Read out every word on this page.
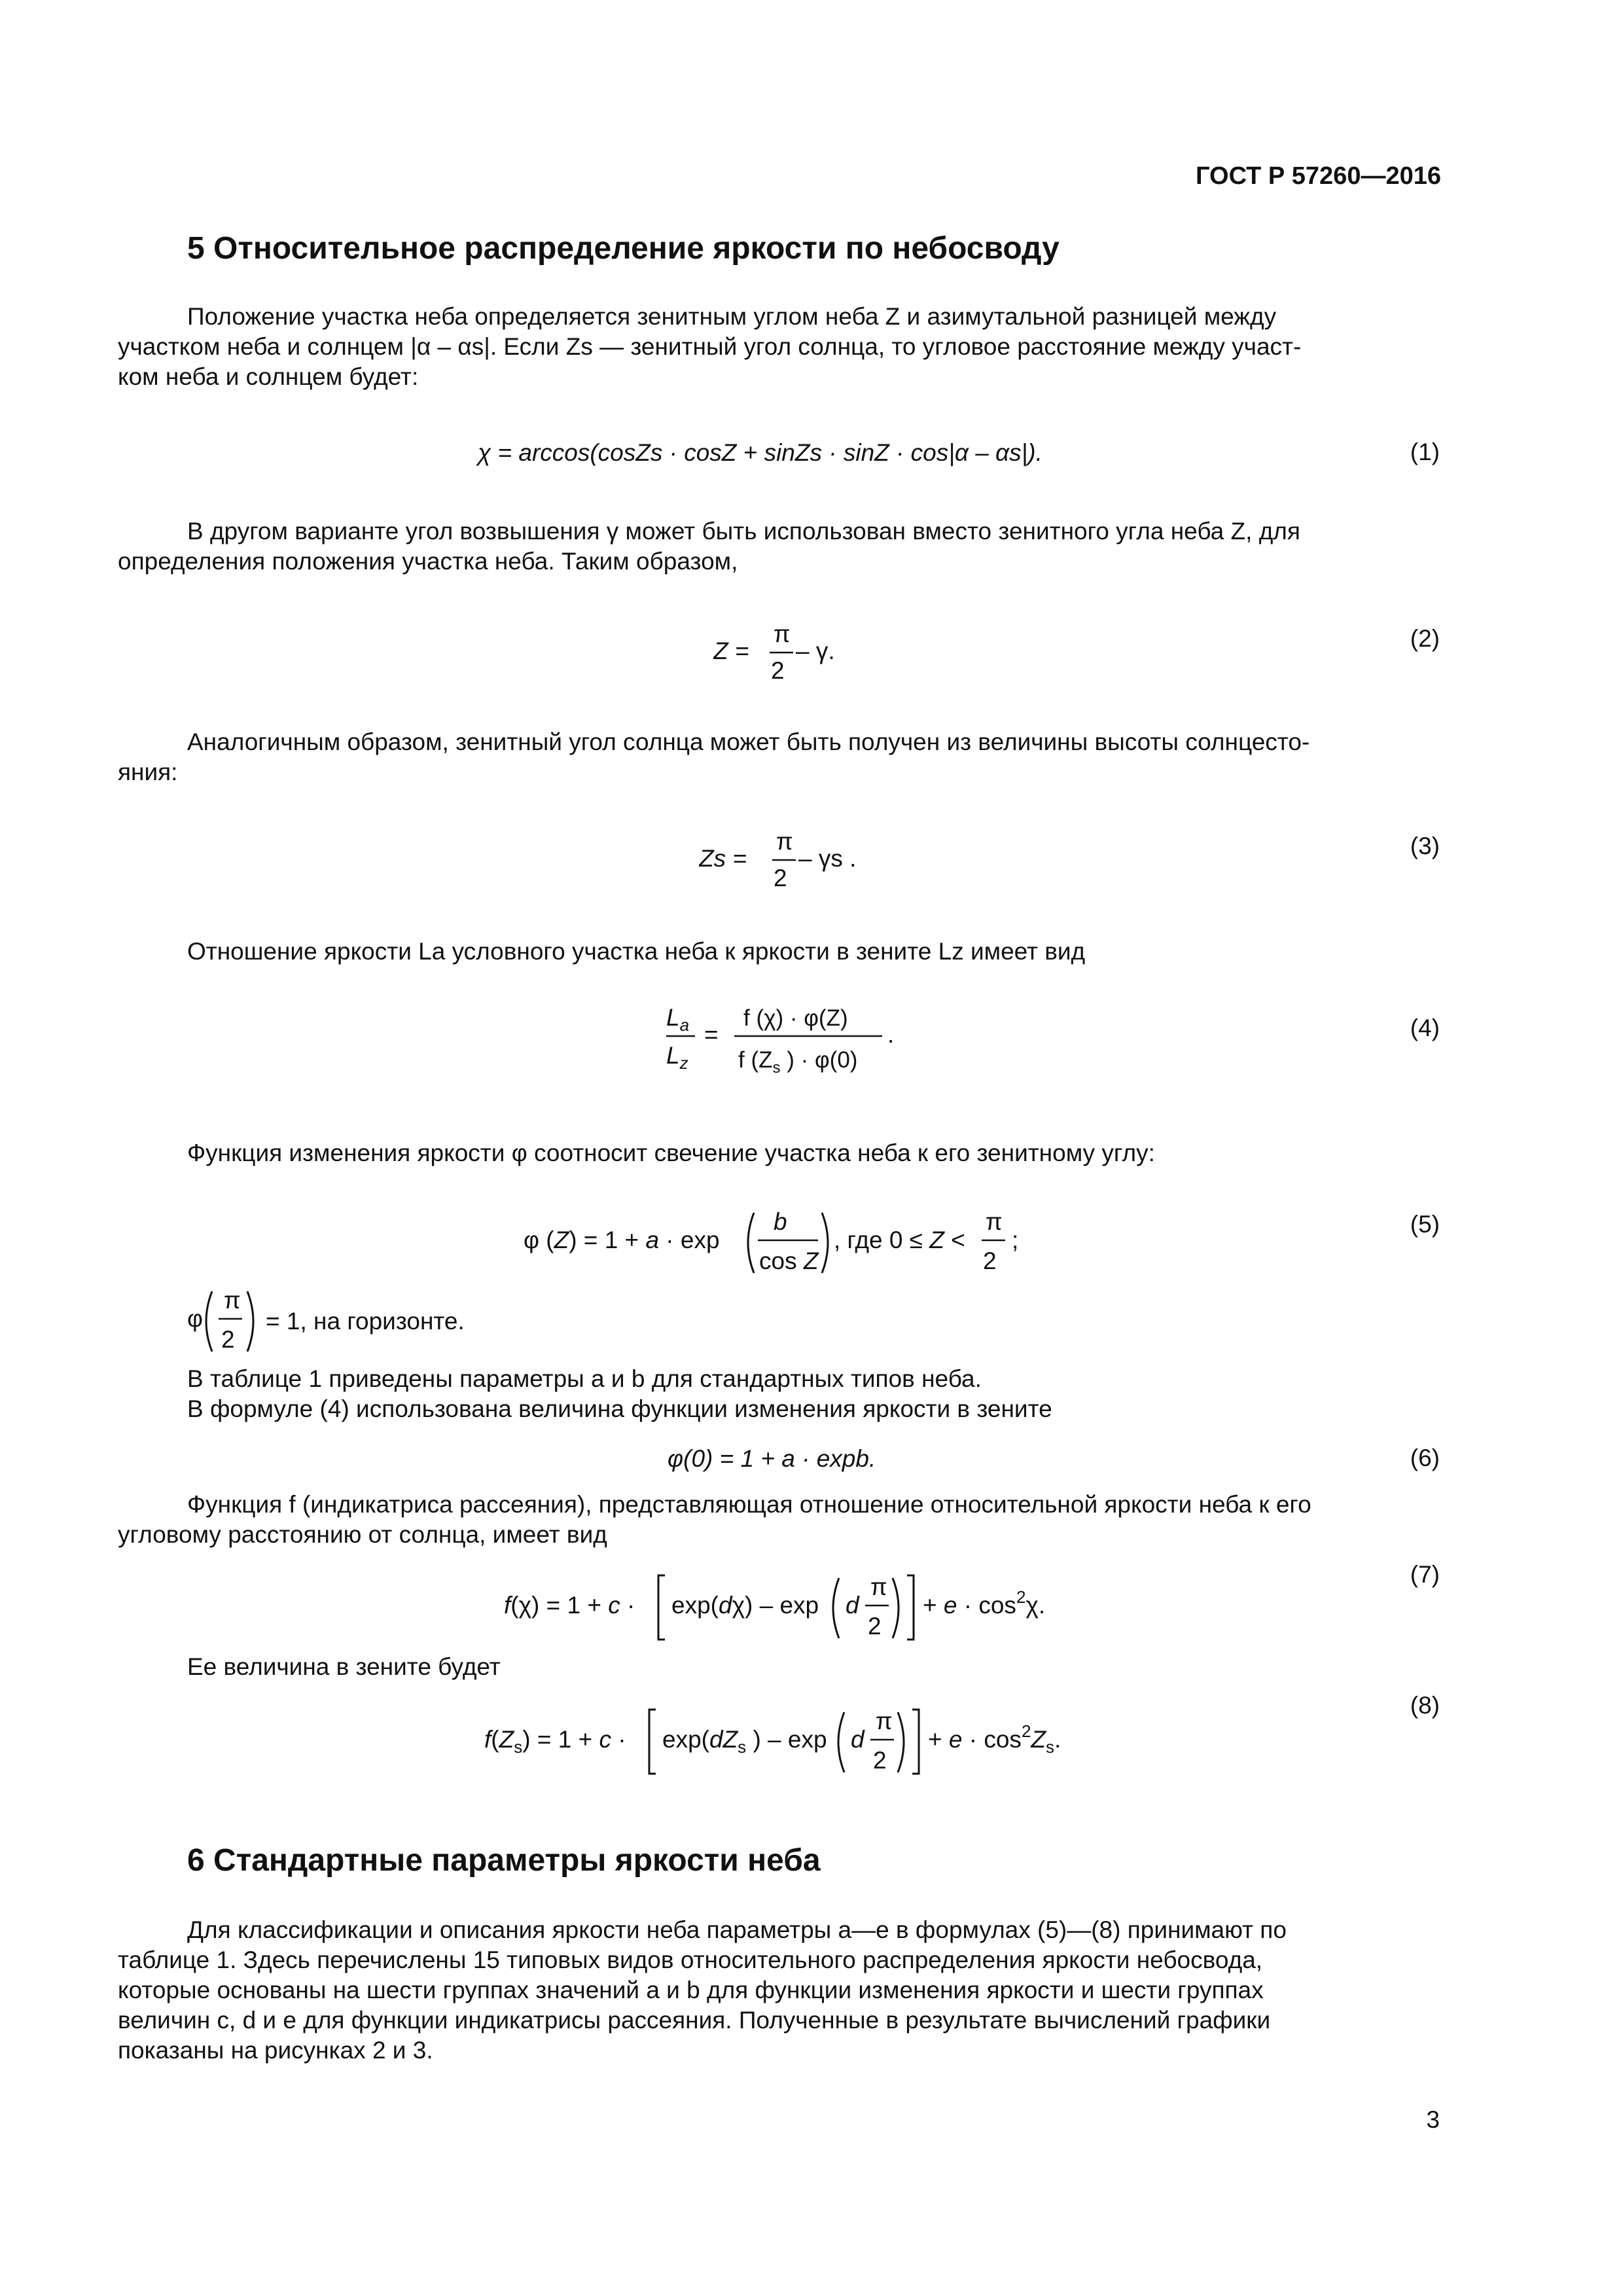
ГОСТ Р 57260—2016
5 Относительное распределение яркости по небосводу
Положение участка неба определяется зенитным углом неба Z и азимутальной разницей между
участком неба и солнцем |α – αs|. Если Zs — зенитный угол солнца, то угловое расстояние между участ-
ком неба и солнцем будет:
χ = arccos(cosZs · cosZ + sinZs · sinZ · cos|α – αs|).	(1)
В другом варианте угол возвышения γ может быть использован вместо зенитного угла неба Z, для
определения положения участка неба. Таким образом,
Z =
π
2
– γ.	(2)
Аналогичным образом, зенитный угол солнца может быть получен из величины высоты солнцесто-
яния:
Zs =
π
2
– γs .	(3)
Отношение яркости La условного участка неба к яркости в зените Lz имеет вид
$L_a$
$L_z$
=
f (χ) · φ(Z)
f ($Z_s$ ) · φ(0)
.	(4)
Функция изменения яркости φ соотносит свечение участка неба к его зенитному углу:
φ (Z) = 1 + a · exp
b
cos Z
, где 0 ≤ Z <
π
2
;
(5)
φ
π
2
= 1, на горизонте.
В таблице 1 приведены параметры a и b для стандартных типов неба.
В формуле (4) использована величина функции изменения яркости в зените
φ(0) = 1 + a · expb.	(6)
Функция f (индикатриса рассеяния), представляющая отношение относительной яркости неба к его
угловому расстоянию от солнца, имеет вид
f(χ) = 1 + c · exp(dχ) – exp d
π
2
+ $e \cdot \cos^2\chi$.
(7)
Ее величина в зените будет
$f(Z_s) = 1 + c \cdot \exp(dZ_s$ ) – exp d
π
2
+ $e \cdot \cos^2Z_s$.
(8)
6 Стандартные параметры яркости неба
Для классификации и описания яркости неба параметры a—e в формулах (5)—(8) принимают по
таблице 1. Здесь перечислены 15 типовых видов относительного распределения яркости небосвода,
которые основаны на шести группах значений a и b для функции изменения яркости и шести группах
величин c, d и e для функции индикатрисы рассеяния. Полученные в результате вычислений графики
показаны на рисунках 2 и 3.
3
